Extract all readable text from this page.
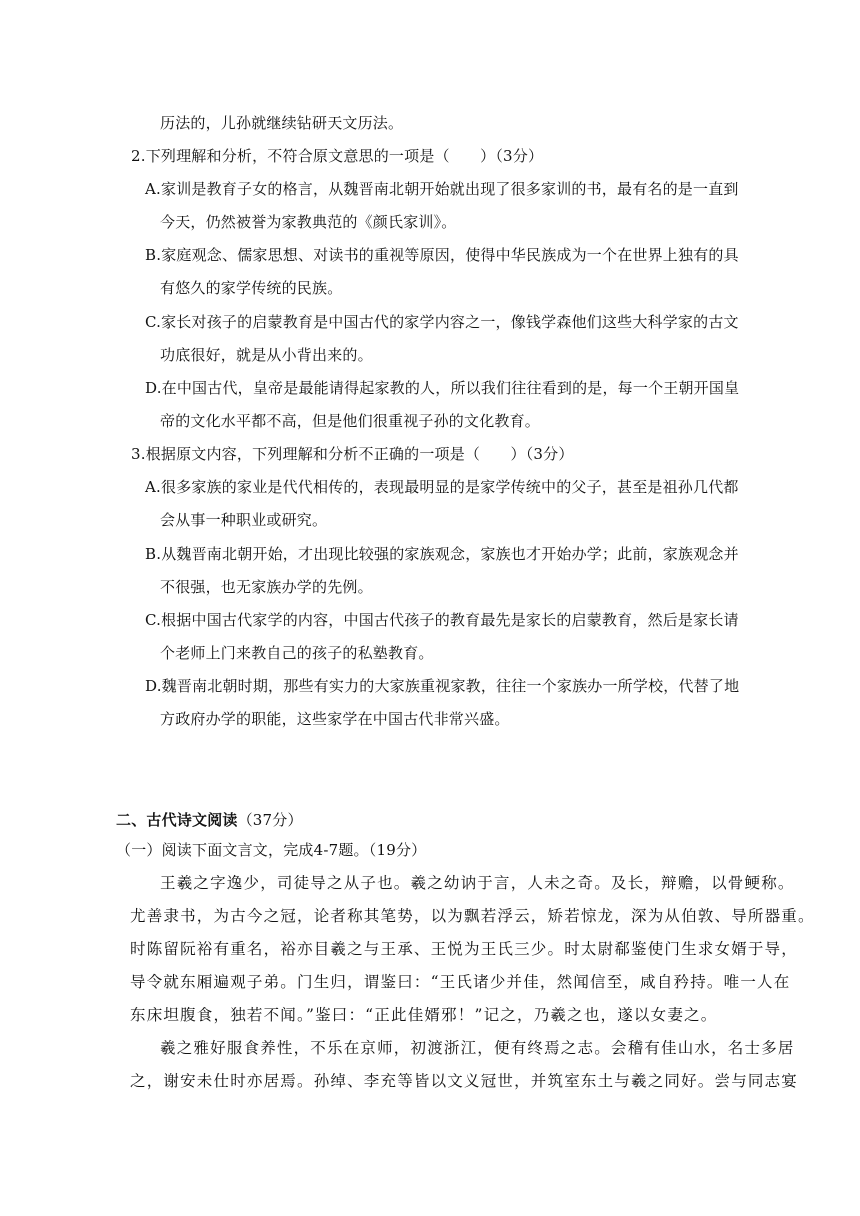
历法的，儿孙就继续钻研天文历法。
2.下列理解和分析，不符合原文意思的一项是（　　）（3分）
A.家训是教育子女的格言，从魏晋南北朝开始就出现了很多家训的书，最有名的是一直到
今天，仍然被誉为家教典范的《颜氏家训》。
B.家庭观念、儒家思想、对读书的重视等原因，使得中华民族成为一个在世界上独有的具
有悠久的家学传统的民族。
C.家长对孩子的启蒙教育是中国古代的家学内容之一，像钱学森他们这些大科学家的古文
功底很好，就是从小背出来的。
D.在中国古代，皇帝是最能请得起家教的人，所以我们往往看到的是，每一个王朝开国皇
帝的文化水平都不高，但是他们很重视子孙的文化教育。
3.根据原文内容，下列理解和分析不正确的一项是（　　）（3分）
A.很多家族的家业是代代相传的，表现最明显的是家学传统中的父子，甚至是祖孙几代都
会从事一种职业或研究。
B.从魏晋南北朝开始，才出现比较强的家族观念，家族也才开始办学；此前，家族观念并
不很强，也无家族办学的先例。
C.根据中国古代家学的内容，中国古代孩子的教育最先是家长的启蒙教育，然后是家长请
个老师上门来教自己的孩子的私塾教育。
D.魏晋南北朝时期，那些有实力的大家族重视家教，往往一个家族办一所学校，代替了地
方政府办学的职能，这些家学在中国古代非常兴盛。
二、古代诗文阅读（37分）
（一）阅读下面文言文，完成4-7题。（19分）
王羲之字逸少，司徒导之从子也。羲之幼讷于言，人未之奇。及长，辩赡，以骨鲠称。
尤善隶书，为古今之冠，论者称其笔势，以为飘若浮云，矫若惊龙，深为从伯敦、导所器重。
时陈留阮裕有重名，裕亦目羲之与王承、王悦为王氏三少。时太尉郗鉴使门生求女婿于导，
导令就东厢遍观子弟。门生归，谓鉴曰：“王氏诸少并佳，然闻信至，咸自矜持。唯一人在
东床坦腹食，独若不闻。”鉴曰：“正此佳婿邪！”记之，乃羲之也，遂以女妻之。
羲之雅好服食养性，不乐在京师，初渡浙江，便有终焉之志。会稽有佳山水，名士多居
之，谢安未仕时亦居焉。孙绰、李充等皆以文义冠世，并筑室东土与羲之同好。尝与同志宴
